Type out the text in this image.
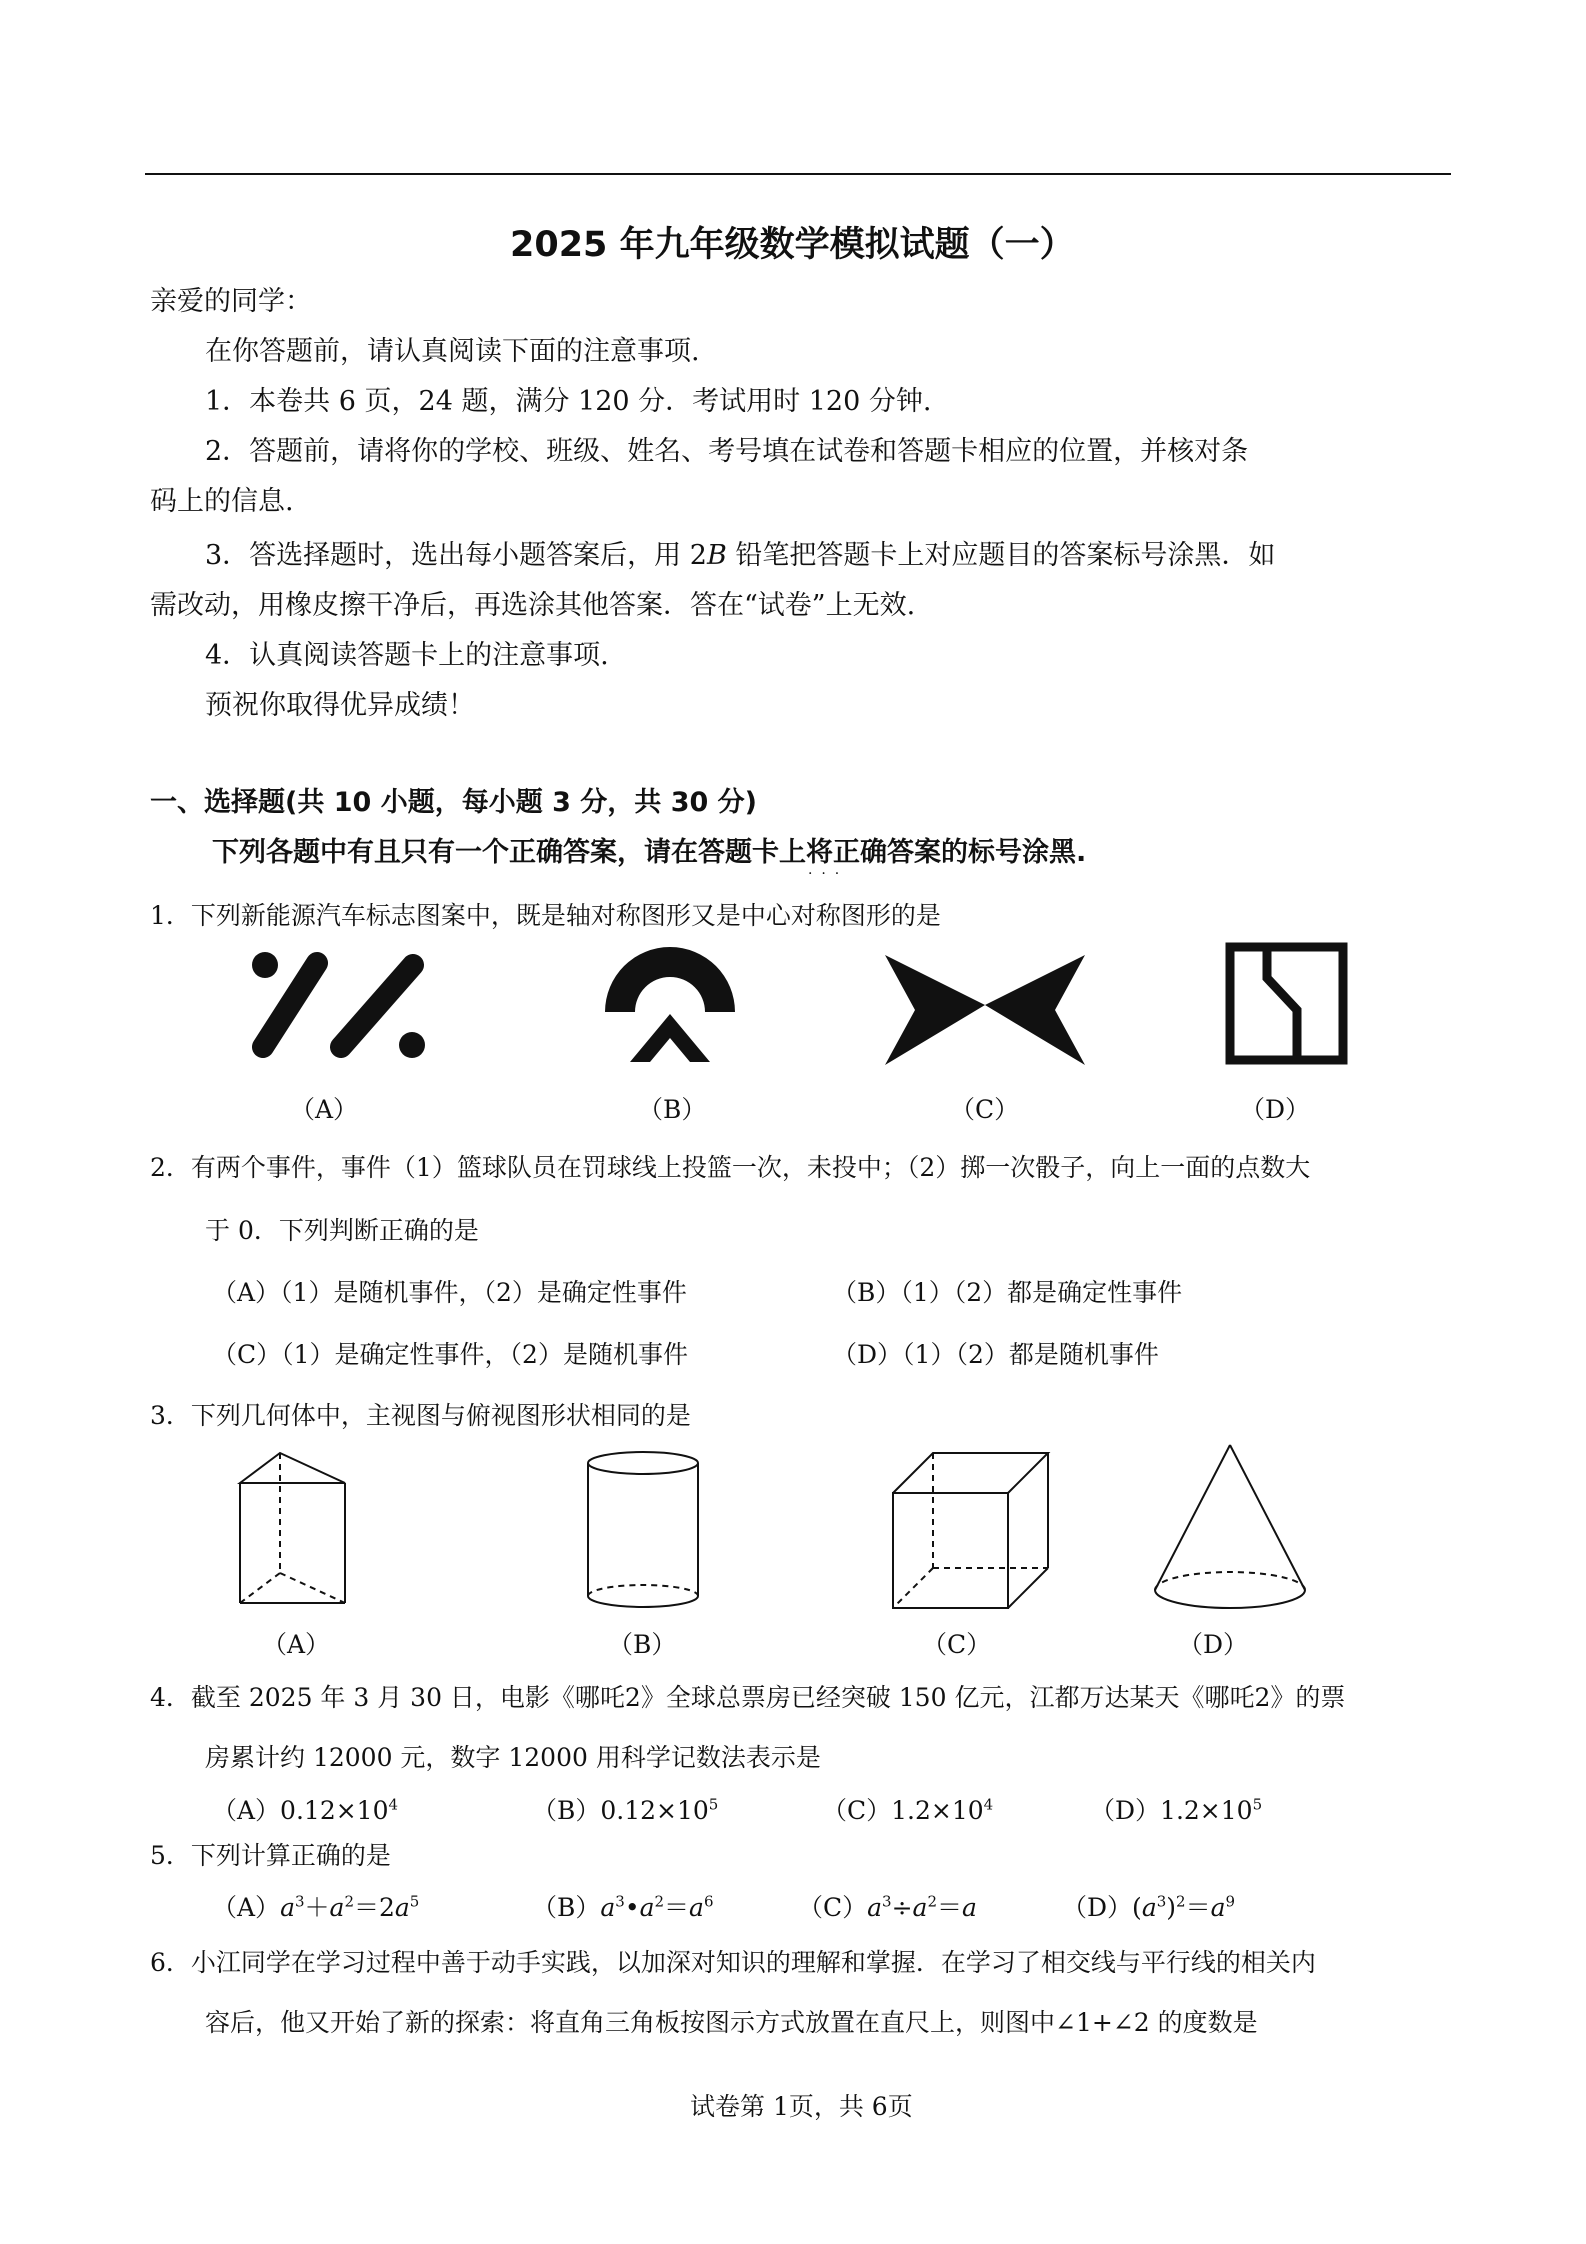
2025 年九年级数学模拟试题（一）
亲爱的同学：
在你答题前，请认真阅读下面的注意事项.
1．本卷共 6 页，24 题，满分 120 分．考试用时 120 分钟.
2．答题前，请将你的学校、班级、姓名、考号填在试卷和答题卡相应的位置，并核对条
码上的信息.
3．答选择题时，选出每小题答案后，用 2B 铅笔把答题卡上对应题目的答案标号涂黑．如
需改动，用橡皮擦干净后，再选涂其他答案．答在“试卷”上无效.
4．认真阅读答题卡上的注意事项.
预祝你取得优异成绩！
一、选择题(共 10 小题，每小题 3 分，共 30 分)
下列各题中有且只有一个正确答案，请在答题卡上将正确答案的标号涂黑.
·  ·  ·
1．下列新能源汽车标志图案中，既是轴对称图形又是中心对称图形的是
（A）	（B）	（C）	（D）
2．有两个事件，事件（1）篮球队员在罚球线上投篮一次，未投中；（2）掷一次骰子，向上一面的点数大
于 0．下列判断正确的是
（A）（1）是随机事件，（2）是确定性事件	（B）（1）（2）都是确定性事件
（C）（1）是确定性事件，（2）是随机事件	（D）（1）（2）都是随机事件
3．下列几何体中，主视图与俯视图形状相同的是
（A）	（B）	（C）	（D）
4．截至 2025 年 3 月 30 日，电影《哪吒2》全球总票房已经突破 150 亿元，江都万达某天《哪吒2》的票
房累计约 12000 元，数字 12000 用科学记数法表示是
$(A)0.12\times 10^4$	$(B)0.12\times 10^5$	$(C)1.2\times 10^4$	$(D)1.2\times 10^5$
5．下列计算正确的是
$(A)a^3+a^2=2a^5$	$(B)a^3•a^2=a^6$	$(C)a^3\div a^2=a$	$(D)(a^3)^2=a^9$
6．小江同学在学习过程中善于动手实践，以加深对知识的理解和掌握．在学习了相交线与平行线的相关内
容后，他又开始了新的探索：将直角三角板按图示方式放置在直尺上，则图中∠1+∠2 的度数是
试卷第 1页，共 6页
